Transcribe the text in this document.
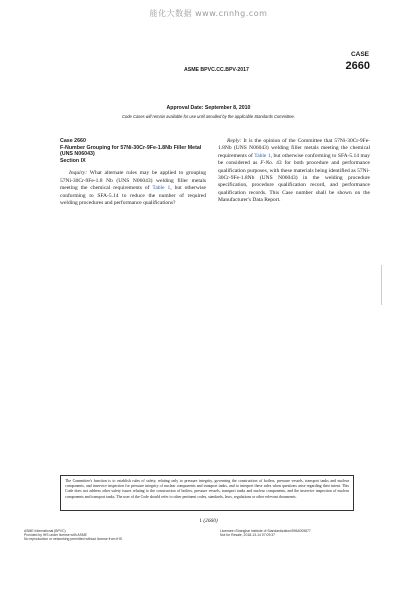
能化大数据 www.cnnhg.com
CASE
2660
ASME BPVC.CC.BPV-2017
Approval Date: September 8, 2010
Code Cases will remain available for use until annulled by the applicable Standards Committee.
Case 2660
F-Number Grouping for 57Ni-30Cr-9Fe-1.8Nb Filler Metal (UNS N06043)
Section IX

Inquiry: What alternate rules may be applied to grouping 57Ni-30Cr-9Fe-1.8 Nb (UNS N06043) welding filler metals meeting the chemical requirements of Table 1, but otherwise conforming to SFA-5.14 to reduce the number of required welding procedures and performance qualifications?

Reply: It is the opinion of the Committee that 57Ni-30Cr-9Fe-1.8Nb (UNS N06043) welding filler metals meeting the chemical requirements of Table 1, but otherwise conforming to SFA-5.14 may be considered as F-No. 43 for both procedure and performance qualification purposes, with these materials being identified as 57Ni-30Cr-9Fe-1.8Nb (UNS N06043) in the welding procedure specification, procedure qualification record, and performance qualification records. This Case number shall be shown on the Manufacturer's Data Report.

The Committee's function is to establish rules of safety, relating only to pressure integrity, governing the construction of boilers, pressure vessels, transport tanks and nuclear components, and inservice inspection for pressure integrity of nuclear components and transport tanks, and to interpret these rules when questions arise regarding their intent. This Code does not address other safety issues relating to the construction of boilers, pressure vessels, transport tanks and nuclear components, and the inservice inspection of nuclear components and transport tanks. The user of the Code should refer to other pertinent codes, standards, laws, regulations or other relevant documents.
1 (2660)
ASME International (BPVC)
Provided by IHS under license with ASME
No reproduction or networking permitted without license from IHS
Licensee=Shanghai Institute of Standardization/5964009877
Not for Resale, 2018-13-14 07:09:37
